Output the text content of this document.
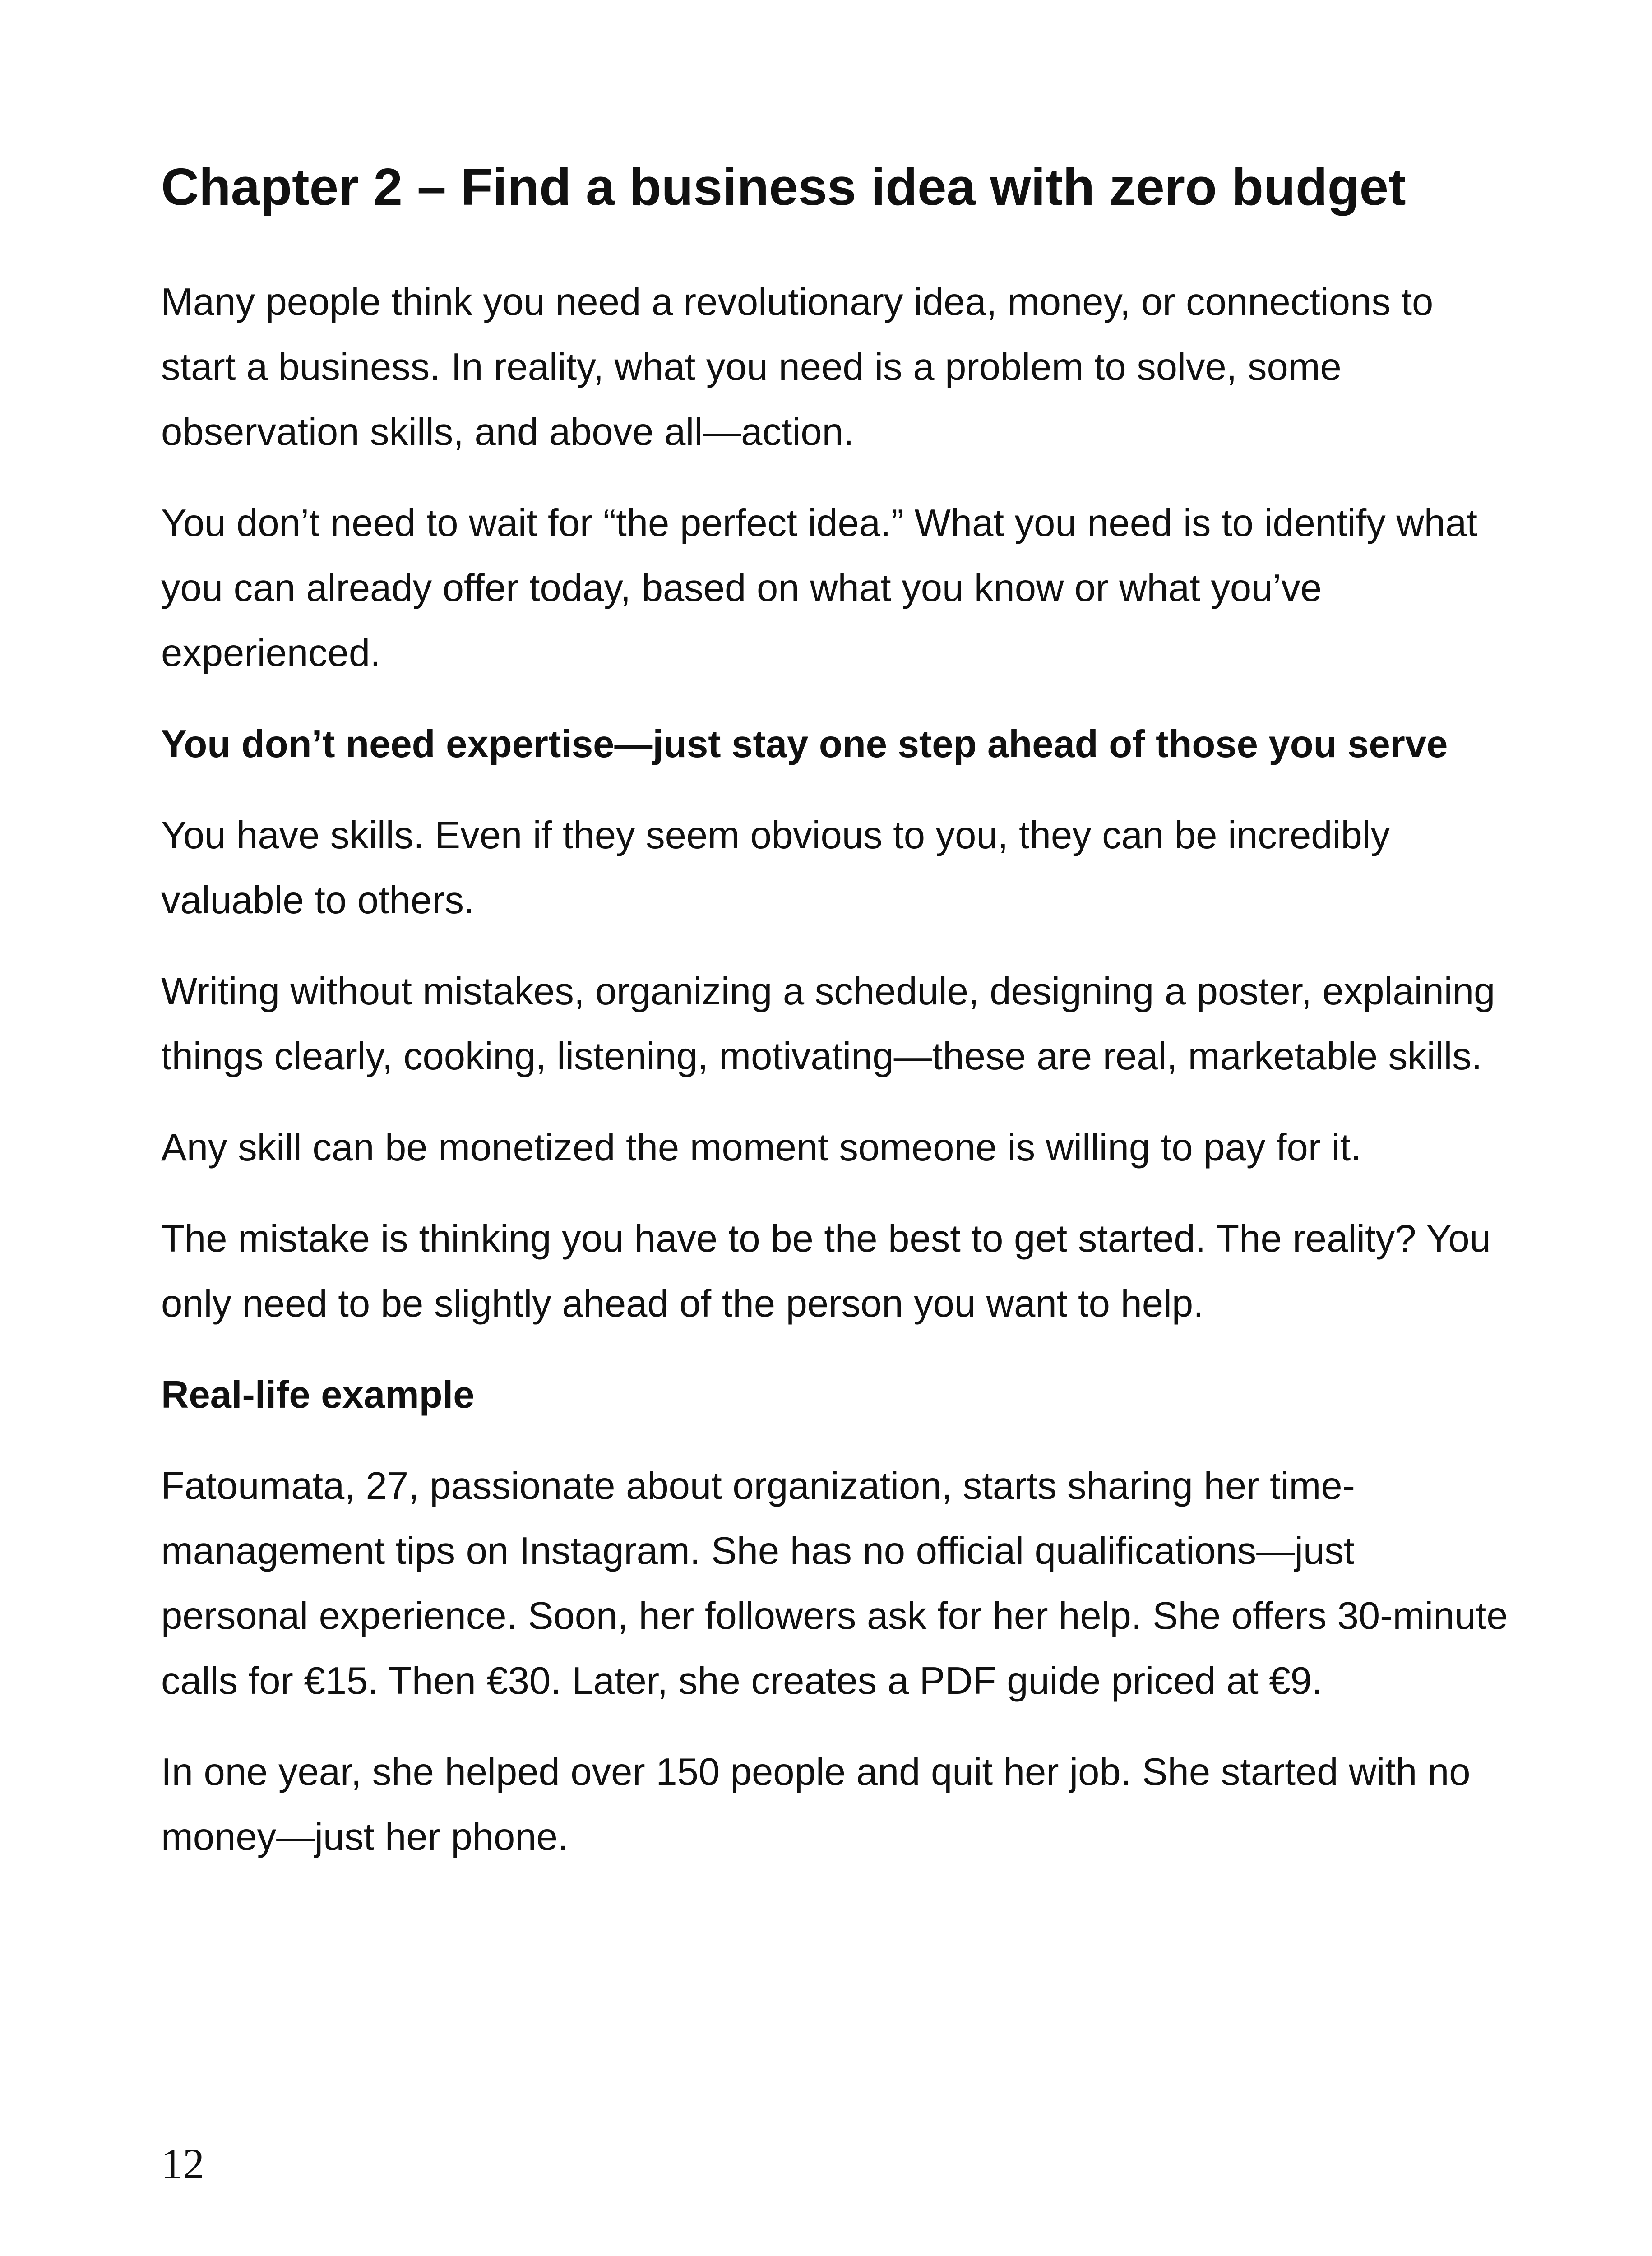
Chapter 2 – Find a business idea with zero budget

Many people think you need a revolutionary idea, money, or connections to start a business. In reality, what you need is a problem to solve, some observation skills, and above all—action.

You don’t need to wait for “the perfect idea.” What you need is to identify what you can already offer today, based on what you know or what you’ve experienced.

You don’t need expertise—just stay one step ahead of those you serve

You have skills. Even if they seem obvious to you, they can be incredibly valuable to others.

Writing without mistakes, organizing a schedule, designing a poster, explaining things clearly, cooking, listening, motivating—these are real, marketable skills.

Any skill can be monetized the moment someone is willing to pay for it.

The mistake is thinking you have to be the best to get started. The reality? You only need to be slightly ahead of the person you want to help.

Real-life example

Fatoumata, 27, passionate about organization, starts sharing her time-management tips on Instagram. She has no official qualifications—just personal experience. Soon, her followers ask for her help. She offers 30-minute calls for €15. Then €30. Later, she creates a PDF guide priced at €9.

In one year, she helped over 150 people and quit her job. She started with no money—just her phone.

12
